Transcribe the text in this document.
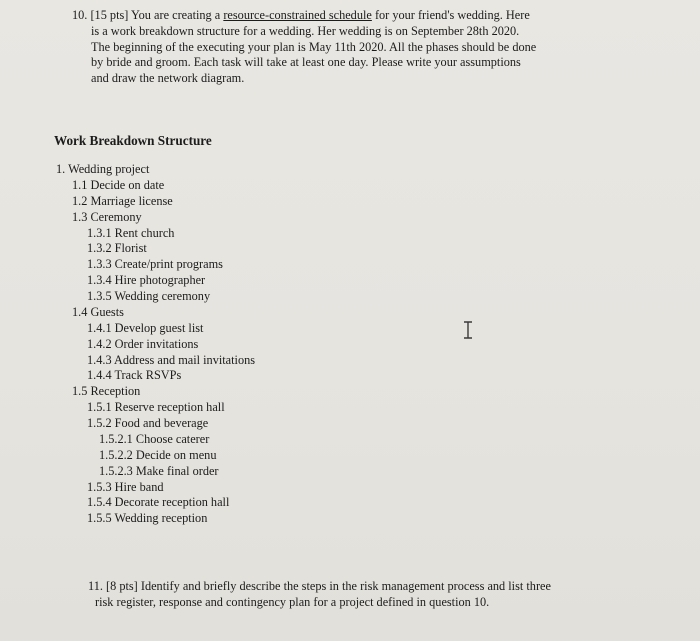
10. [15 pts] You are creating a resource-constrained schedule for your friend's wedding. Here
is a work breakdown structure for a wedding. Her wedding is on September 28th 2020.
The beginning of the executing your plan is May 11th 2020. All the phases should be done
by bride and groom. Each task will take at least one day. Please write your assumptions
and draw the network diagram.
Work Breakdown Structure
1. Wedding project
1.1 Decide on date
1.2 Marriage license
1.3 Ceremony
1.3.1 Rent church
1.3.2 Florist
1.3.3 Create/print programs
1.3.4 Hire photographer
1.3.5 Wedding ceremony
1.4 Guests
1.4.1 Develop guest list
1.4.2 Order invitations
1.4.3 Address and mail invitations
1.4.4 Track RSVPs
1.5 Reception
1.5.1 Reserve reception hall
1.5.2 Food and beverage
1.5.2.1 Choose caterer
1.5.2.2 Decide on menu
1.5.2.3 Make final order
1.5.3 Hire band
1.5.4 Decorate reception hall
1.5.5 Wedding reception
11. [8 pts] Identify and briefly describe the steps in the risk management process and list three
risk register, response and contingency plan for a project defined in question 10.
